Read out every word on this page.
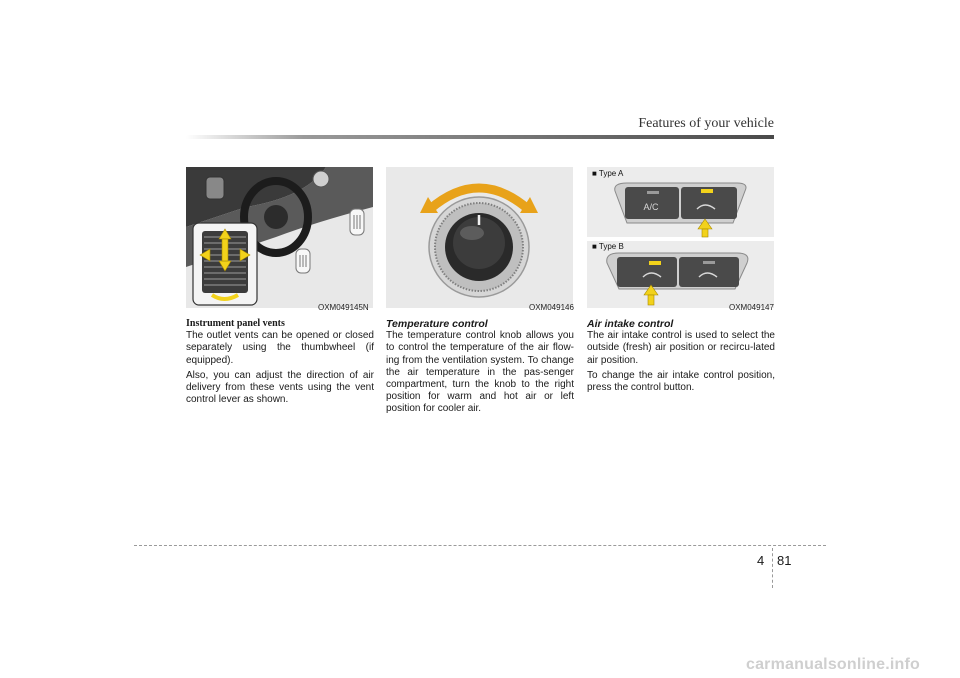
Features of your vehicle
OXM049145N	OXM049146
A/C
■ Type A
■ Type B
OXM049147
Instrument panel vents

The outlet vents can be opened or closed separately using the thumbwheel (if equipped).

Also, you can adjust the direction of air delivery from these vents using the vent control lever as shown.

Temperature control

The temperature control knob allows you to control the temperature of the air flow-ing from the ventilation system. To change the air temperature in the pas-senger compartment, turn the knob to the right position for warm and hot air or left position for cooler air.

Air intake control

The air intake control is used to select the outside (fresh) air position or recircu-lated air position.

To change the air intake control position, press the control button.

4 81
carmanualsonline.info
